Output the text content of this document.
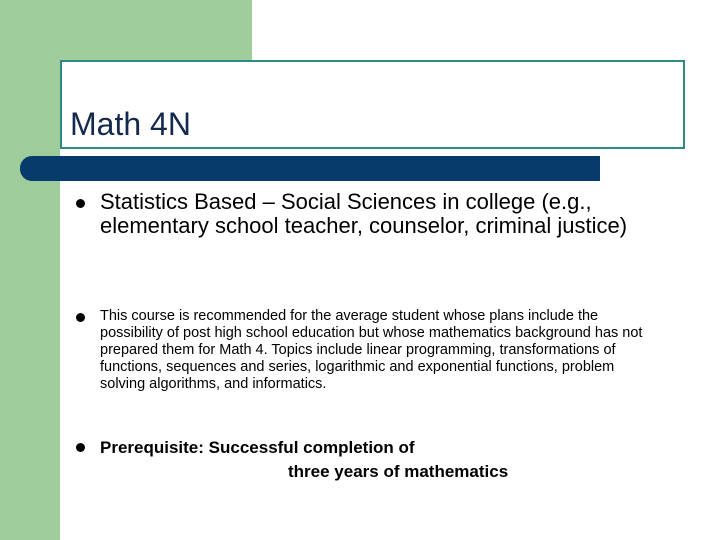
Math 4N
Statistics Based – Social Sciences in college (e.g., elementary school teacher, counselor, criminal justice)
This course is recommended for the average student whose plans include the possibility of post high school education but whose mathematics background has not prepared them for Math 4. Topics include linear programming, transformations of functions, sequences and series, logarithmic and exponential functions, problem solving algorithms, and informatics.
Prerequisite: Successful completion of
three years of mathematics
